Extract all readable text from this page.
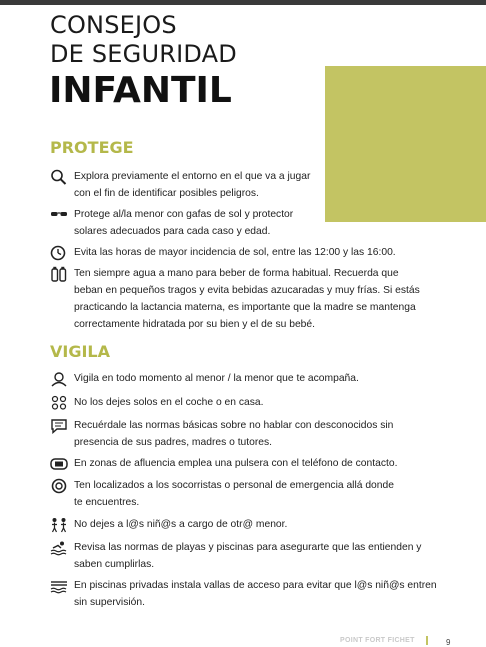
CONSEJOS
DE SEGURIDAD
INFANTIL
PROTEGE
Explora previamente el entorno en el que va a jugar
con el fin de identificar posibles peligros.
Protege al/la menor con gafas de sol y protector
solares adecuados para cada caso y edad.
Evita las horas de mayor incidencia de sol, entre las 12:00 y las 16:00.
Ten siempre agua a mano para beber de forma habitual. Recuerda que
beban en pequeños tragos y evita bebidas azucaradas y muy frías. Si estás
practicando la lactancia materna, es importante que la madre se mantenga
correctamente hidratada por su bien y el de su bebé.
VIGILA
Vigila en todo momento al menor / la menor que te acompaña.
No los dejes solos en el coche o en casa.
Recuérdale las normas básicas sobre no hablar con desconocidos sin
presencia de sus padres, madres o tutores.
En zonas de afluencia emplea una pulsera con el teléfono de contacto.
Ten localizados a los socorristas o personal de emergencia allá donde
te encuentres.
No dejes a l@s niñ@s a cargo de otr@ menor.
Revisa las normas de playas y piscinas para asegurarte que las entienden y
saben cumplirlas.
En piscinas privadas instala vallas de acceso para evitar que l@s niñ@s entren
sin supervisión.
POINT FORT FICHET	9
